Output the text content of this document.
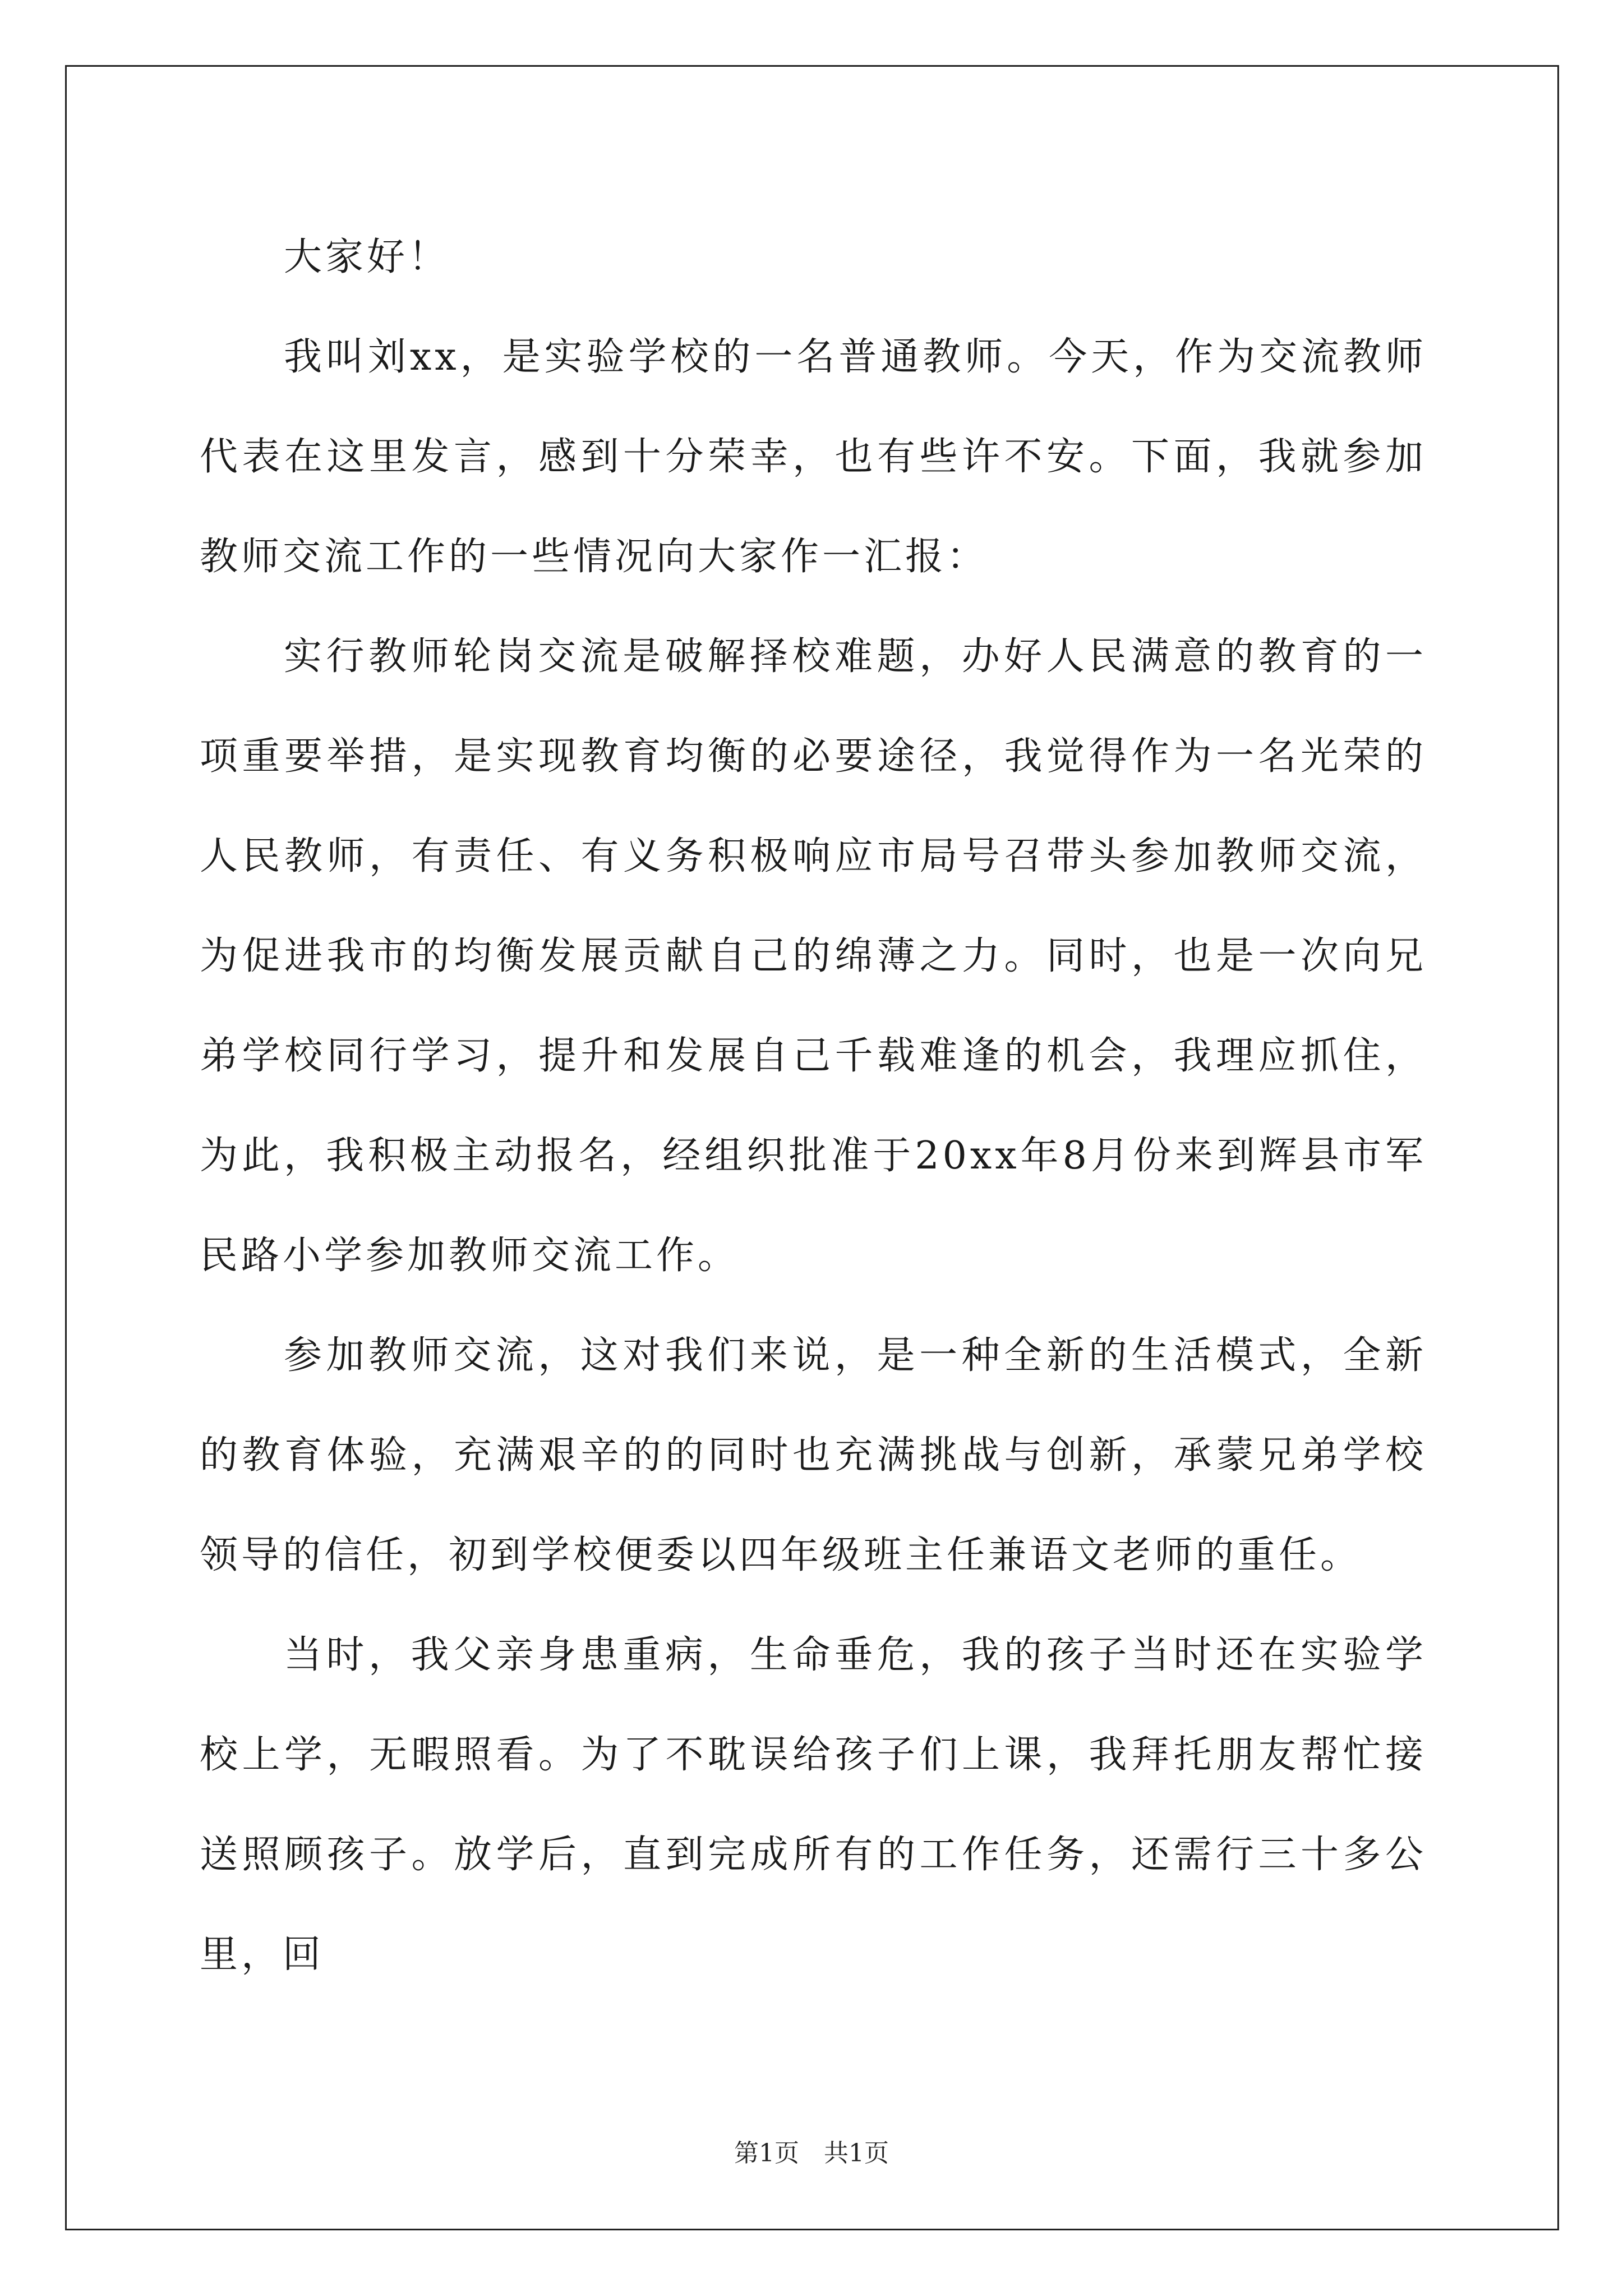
大家好！

我叫刘xx，是实验学校的一名普通教师。今天，作为交流教师代表在这里发言，感到十分荣幸，也有些许不安。下面，我就参加教师交流工作的一些情况向大家作一汇报：

实行教师轮岗交流是破解择校难题，办好人民满意的教育的一项重要举措，是实现教育均衡的必要途径，我觉得作为一名光荣的人民教师，有责任、有义务积极响应市局号召带头参加教师交流，为促进我市的均衡发展贡献自己的绵薄之力。同时，也是一次向兄弟学校同行学习，提升和发展自己千载难逢的机会，我理应抓住，为此，我积极主动报名，经组织批准于20xx年8月份来到辉县市军民路小学参加教师交流工作。

参加教师交流，这对我们来说，是一种全新的生活模式，全新的教育体验，充满艰辛的的同时也充满挑战与创新，承蒙兄弟学校领导的信任，初到学校便委以四年级班主任兼语文老师的重任。

当时，我父亲身患重病，生命垂危，我的孩子当时还在实验学校上学，无暇照看。为了不耽误给孩子们上课，我拜托朋友帮忙接送照顾孩子。放学后，直到完成所有的工作任务，还需行三十多公里，回

第1页　共1页
